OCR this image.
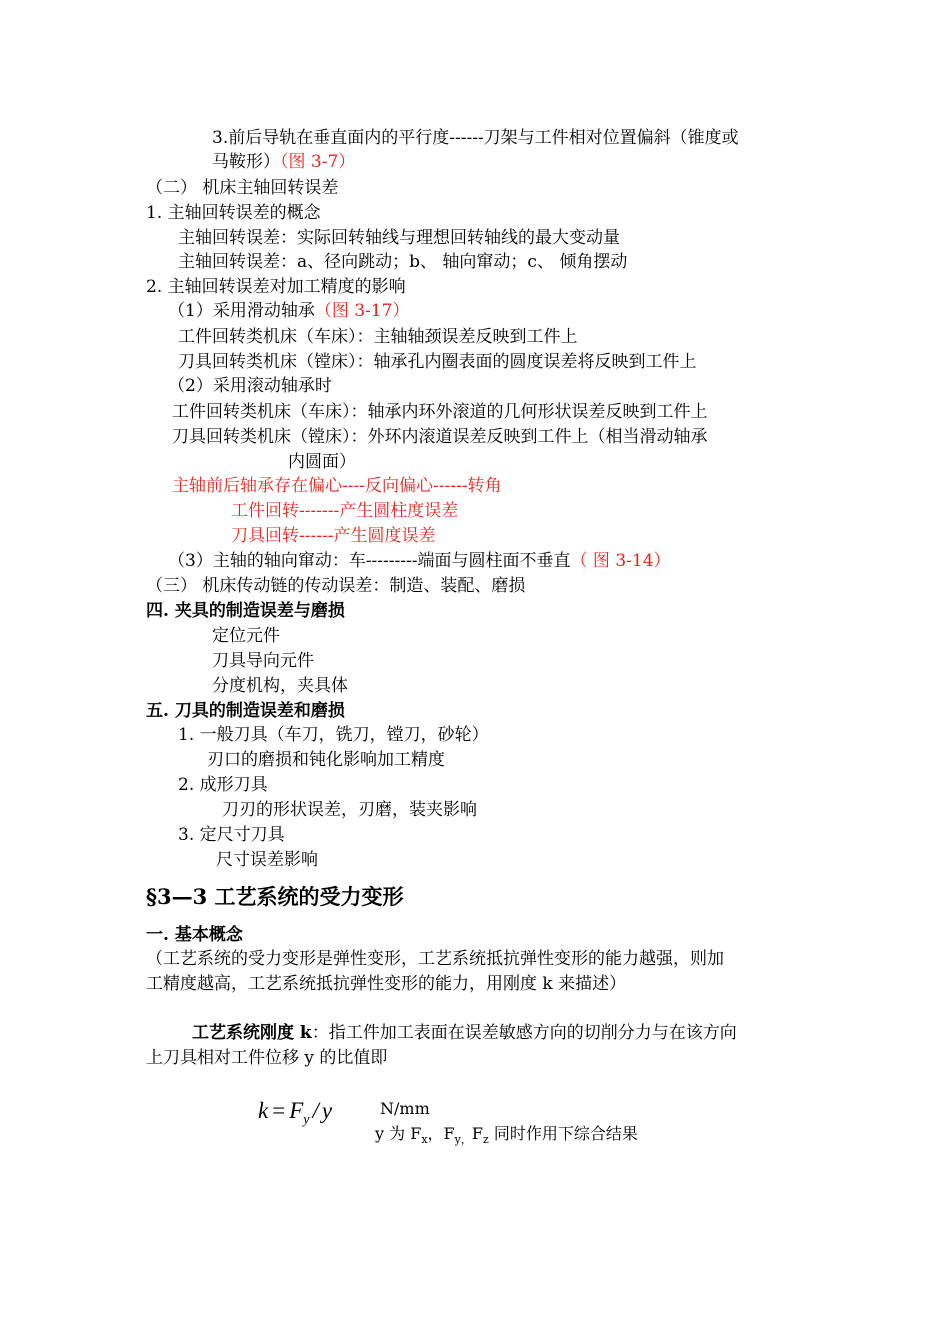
3.前后导轨在垂直面内的平行度------刀架与工件相对位置偏斜（锥度或
马鞍形）（图 3-7）
（二） 机床主轴回转误差
1. 主轴回转误差的概念
主轴回转误差：实际回转轴线与理想回转轴线的最大变动量
主轴回转误差：a、径向跳动；b、 轴向窜动；c、 倾角摆动
2. 主轴回转误差对加工精度的影响
（1）采用滑动轴承（图 3-17）
工件回转类机床（车床）：主轴轴颈误差反映到工件上
刀具回转类机床（镗床）：轴承孔内圈表面的圆度误差将反映到工件上
（2）采用滚动轴承时
工件回转类机床（车床）：轴承内环外滚道的几何形状误差反映到工件上
刀具回转类机床（镗床）：外环内滚道误差反映到工件上（相当滑动轴承
内圆面）
主轴前后轴承存在偏心----反向偏心------转角
工件回转-------产生圆柱度误差
刀具回转------产生圆度误差
（3）主轴的轴向窜动：车---------端面与圆柱面不垂直（ 图 3-14）
（三） 机床传动链的传动误差：制造、装配、磨损
四. 夹具的制造误差与磨损
定位元件
刀具导向元件
分度机构，夹具体
五. 刀具的制造误差和磨损
1. 一般刀具（车刀，铣刀，镗刀，砂轮）
刃口的磨损和钝化影响加工精度
2. 成形刀具
刀刃的形状误差，刃磨，装夹影响
3. 定尺寸刀具
尺寸误差影响
§3—3 工艺系统的受力变形
一. 基本概念
（工艺系统的受力变形是弹性变形，工艺系统抵抗弹性变形的能力越强，则加
工精度越高，工艺系统抵抗弹性变形的能力，用刚度 k 来描述）
工艺系统刚度 k：指工件加工表面在误差敏感方向的切削分力与在该方向
上刀具相对工件位移 y 的比值即
$k = F_y / y$	N/mm
y 为 $F_x$，$F_{y,}F_z$ 同时作用下综合结果
